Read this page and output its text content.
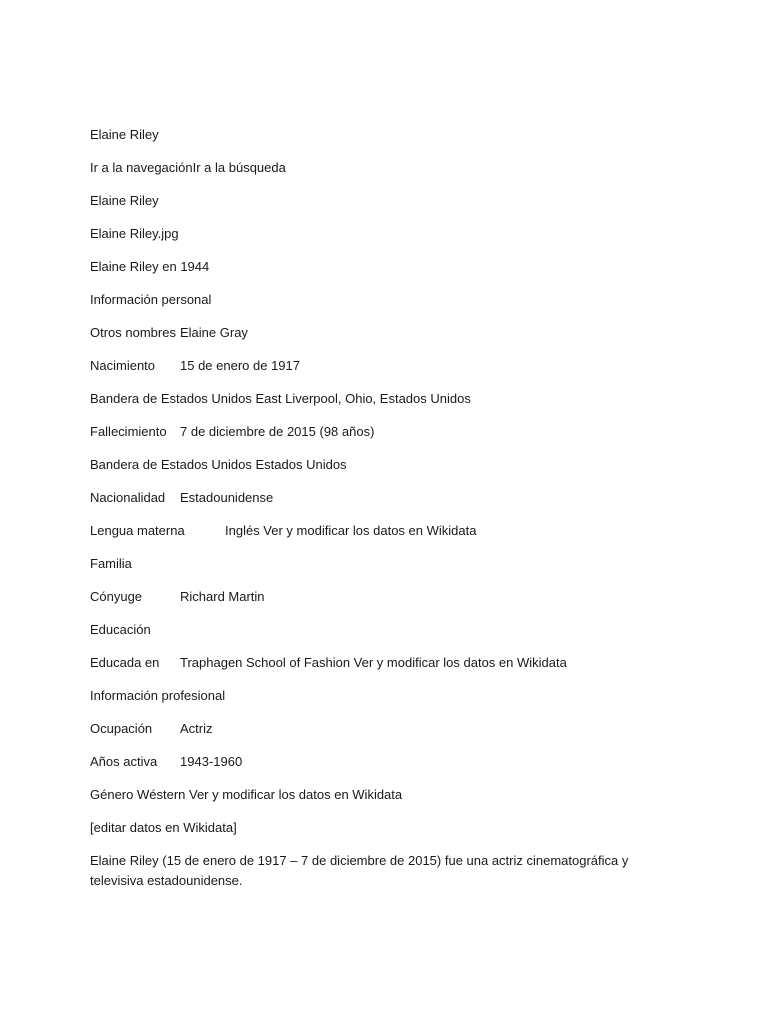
Elaine Riley
Ir a la navegaciónIr a la búsqueda
Elaine Riley
Elaine Riley.jpg
Elaine Riley en 1944
Información personal
Otros nombres Elaine Gray
Nacimiento 15 de enero de 1917
Bandera de Estados Unidos East Liverpool, Ohio, Estados Unidos
Fallecimiento 7 de diciembre de 2015 (98 años)
Bandera de Estados Unidos Estados Unidos
Nacionalidad Estadounidense
Lengua materna	Inglés Ver y modificar los datos en Wikidata
Familia
Cónyuge	Richard Martin
Educación
Educada en Traphagen School of Fashion Ver y modificar los datos en Wikidata
Información profesional
Ocupación Actriz
Años activa 1943-1960
Género Wéstern Ver y modificar los datos en Wikidata
[editar datos en Wikidata]
Elaine Riley (15 de enero de 1917 – 7 de diciembre de 2015) fue una actriz cinematográfica y televisiva estadounidense.
